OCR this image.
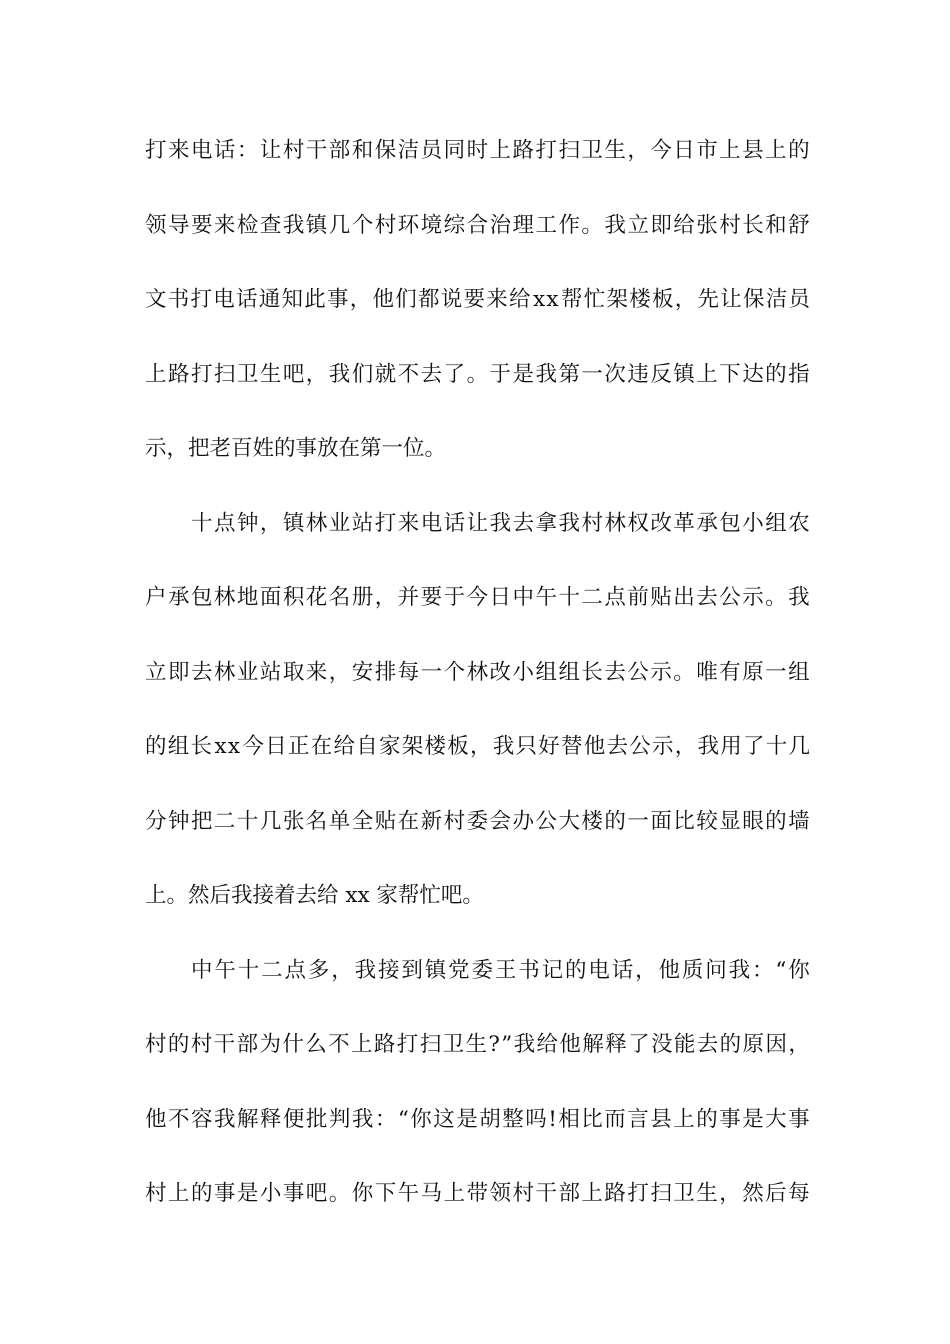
打 来 电 话 ： 让 村 干 部 和 保 洁 员 同 时 上 路 打 扫 卫 生 ， 今 日 市 上 县 上 的
领 导 要 来 检 查 我 镇 几 个 村 环 境 综 合 治 理 工 作 。 我 立 即 给 张 村 长 和 舒
文 书 打 电 话 通 知 此 事 ， 他 们 都 说 要 来 给 x x 帮 忙 架 楼 板 ， 先 让 保 洁 员
上 路 打 扫 卫 生 吧 ， 我 们 就 不 去 了 。 于 是 我 第 一 次 违 反 镇 上 下 达 的 指
示，把老百姓的事放在第一位。
十 点 钟 ， 镇 林 业 站 打 来 电 话 让 我 去 拿 我 村 林 权 改 革 承 包 小 组 农
户 承 包 林 地 面 积 花 名 册 ， 并 要 于 今 日 中 午 十 二 点 前 贴 出 去 公 示 。 我
立 即 去 林 业 站 取 来 ， 安 排 每 一 个 林 改 小 组 组 长 去 公 示 。 唯 有 原 一 组
的 组 长 x x 今 日 正 在 给 自 家 架 楼 板 ， 我 只 好 替 他 去 公 示 ， 我 用 了 十 几
分 钟 把 二 十 几 张 名 单 全 贴 在 新 村 委 会 办 公 大 楼 的 一 面 比 较 显 眼 的 墙
上。然后我接着去给 xx 家帮忙吧。
中 午 十 二 点 多 ， 我 接 到 镇 党 委 王 书 记 的 电 话 ， 他 质 问 我 ： “ 你
村 的 村 干 部 为 什 么 不 上 路 打 扫 卫 生 ? ” 我 给 他 解 释 了 没 能 去 的 原 因 ，
他 不 容 我 解 释 便 批 判 我 ： “ 你 这 是 胡 整 吗 ! 相 比 而 言 县 上 的 事 是 大 事
村 上 的 事 是 小 事 吧 。 你 下 午 马 上 带 领 村 干 部 上 路 打 扫 卫 生 ， 然 后 每
